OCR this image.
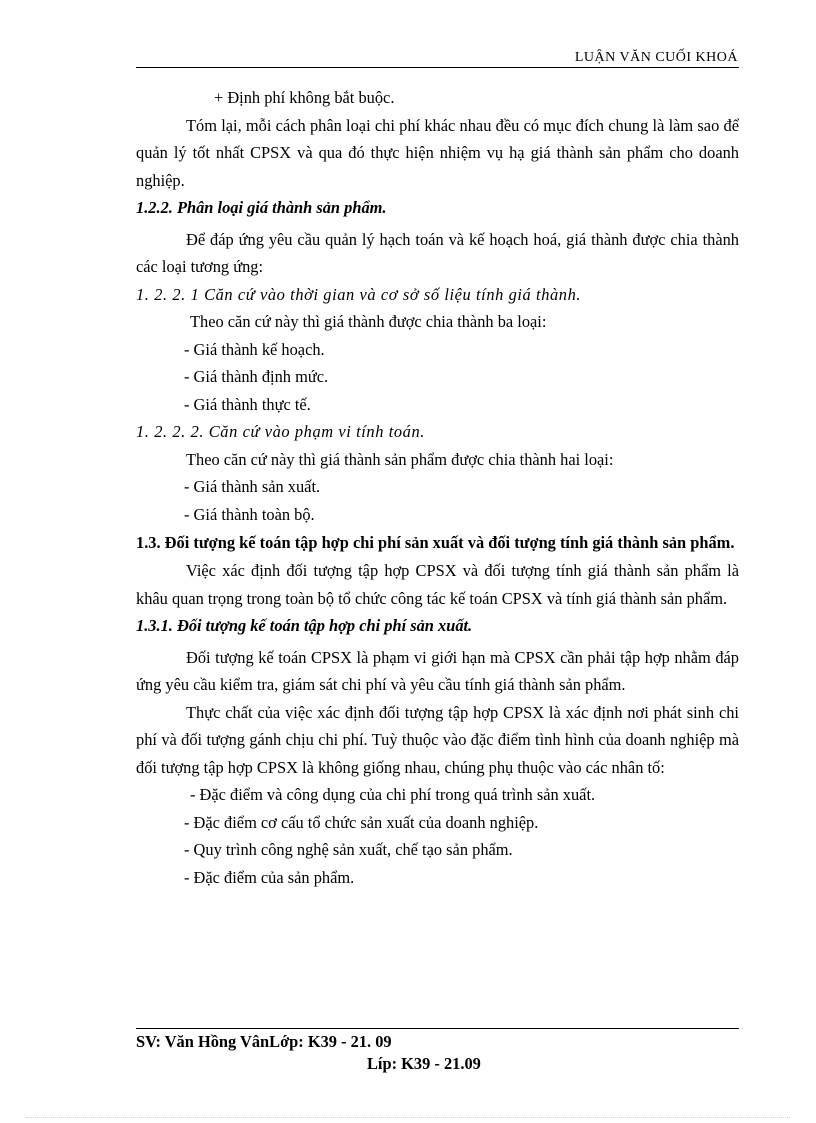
LUẬN VĂN CUỐI KHOÁ

+ Định phí không bắt buộc.

Tóm lại, mỗi cách phân loại chi phí khác nhau đều có mục đích chung là làm sao để quản lý tốt nhất CPSX và qua đó thực hiện nhiệm vụ hạ giá thành sản phẩm cho doanh nghiệp.

1.2.2. Phân loại giá thành sản phẩm.

Để đáp ứng yêu cầu quản lý hạch toán và kế hoạch hoá, giá thành được chia thành các loại tương ứng:

1. 2. 2. 1 Căn cứ vào thời gian và cơ sở số liệu tính giá thành.

Theo căn cứ này thì giá thành được chia thành ba loại:

- Giá thành kế hoạch.

- Giá thành định mức.

- Giá thành thực tế.

1. 2. 2. 2. Căn cứ vào phạm vi tính toán.

Theo căn cứ này thì giá thành sản phẩm được chia thành hai loại:

- Giá thành sản xuất.

- Giá thành toàn bộ.

1.3. Đối tượng kế toán tập hợp chi phí sản xuất và đối tượng tính giá thành sản phẩm.

Việc xác định đối tượng tập hợp CPSX và đối tượng tính giá thành sản phẩm là khâu quan trọng trong toàn bộ tổ chức công tác kế toán CPSX và tính giá thành sản phẩm.

1.3.1. Đối tượng kế toán tập hợp chi phí sản xuất.

Đối tượng kế toán CPSX là phạm vi giới hạn mà CPSX cần phải tập hợp nhằm đáp ứng yêu cầu kiểm tra, giám sát chi phí và yêu cầu tính giá thành sản phẩm.

Thực chất của việc xác định đối tượng tập hợp CPSX là xác định nơi phát sinh chi phí và đối tượng gánh chịu chi phí. Tuỳ thuộc vào đặc điểm tình hình của doanh nghiệp mà đối tượng tập hợp CPSX là không giống nhau, chúng phụ thuộc vào các nhân tố:

- Đặc điểm và công dụng của chi phí trong quá trình sản xuất.

- Đặc điểm cơ cấu tổ chức sản xuất của doanh nghiệp.

- Quy trình công nghệ sản xuất, chế tạo sản phẩm.

- Đặc điểm của sản phẩm.

SV: Văn Hồng VânLớp: K39 - 21. 09
Líp: K39 - 21.09
